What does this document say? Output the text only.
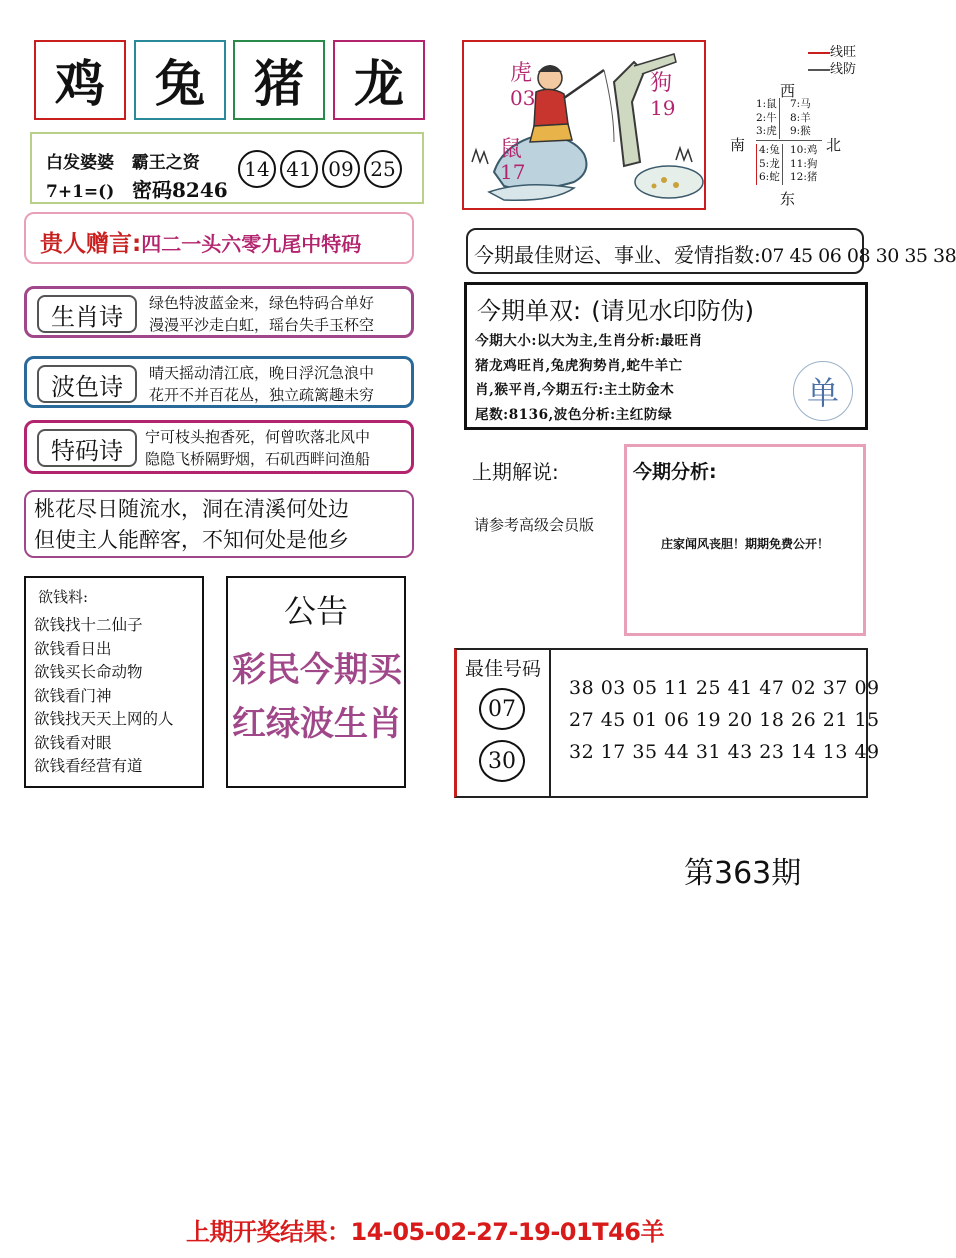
鸡 兔 猪 龙
白发婆婆 霸王之资
7+1=() 密码8246
14 41 09 25
贵人赠言:四二一头六零九尾中特码
生肖诗	绿色特波蓝金来，绿色特码合单好
漫漫平沙走白虹，瑶台失手玉杯空
波色诗	晴天摇动清江底，晚日浮沉急浪中
花开不并百花丛，独立疏篱趣未穷
特码诗	宁可枝头抱香死，何曾吹落北风中
隐隐飞桥隔野烟，石矶西畔问渔船
桃花尽日随流水，洞在清溪何处边
但使主人能醉客，不知何处是他乡
欲钱料:
欲钱找十二仙子
欲钱看日出
欲钱买长命动物
欲钱看门神
欲钱找天天上网的人
欲钱看对眼
欲钱看经营有道
公告
彩民今期买
红绿波生肖
虎
03
鼠
17
狗
19
线旺
线防
西
南	北
东
1:鼠
2:牛
3:虎
7:马
8:羊
9:猴
4:兔
5:龙
6:蛇
10:鸡
11:狗
12:猪
今期最佳财运、事业、爱情指数:07 45 06 08 30 35 38
今期单双: (请见水印防伪)
今期大小:以大为主,生肖分析:最旺肖
猪龙鸡旺肖,兔虎狗势肖,蛇牛羊亡
肖,猴平肖,今期五行:主土防金木
尾数:8136,波色分析:主红防绿
单
上期解说:
请参考高级会员版
今期分析:
庄家闻风丧胆！期期免费公开！
最佳号码
07
30
38 03 05 11 25 41 47 02 37 09
27 45 01 06 19 20 18 26 21 15
32 17 35 44 31 43 23 14 13 49
第363期
上期开奖结果：14-05-02-27-19-01T46羊
